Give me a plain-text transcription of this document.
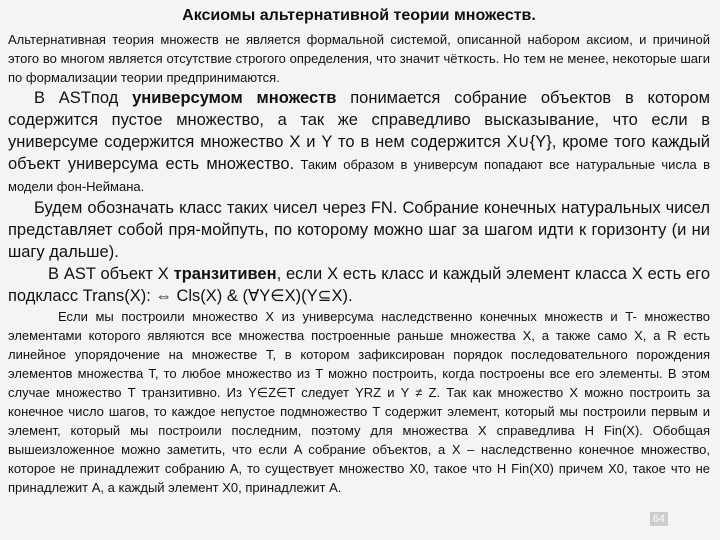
Аксиомы альтернативной теории множеств.

Альтернативная теория множеств не является формальной системой, описанной набором аксиом, и причиной этого во многом является отсутствие строгого определения, что значит чёткость. Но тем не менее, некоторые шаги по формализации теории предпринимаются.

В ASTпод универсумом множеств понимается собрание объектов в котором содержится пустое множество, а так же справедливо высказывание, что если в универсуме содержится множество X и Y то в нем содержится X∪{Y}, кроме того каждый объект универсума есть множество. Таким образом в универсум попадают все натуральные числа в модели фон-Неймана.

Будем обозначать класс таких чисел через FN. Собрание конечных натуральных чисел представляет собой пря-мойпуть, по которому можно шаг за шагом идти к горизонту (и ни шагу дальше).

В AST объект X транзитивен, если X есть класс и каждый элемент класса X есть его подкласс Trans(X): ⇔ Cls(X) & (∀Y∈X)(Y⊆X).

Если мы построили множество X из универсума наследственно конечных множеств и T- множество элементами которого являются все множества построенные раньше множества X, а также само X, а R есть линейное упорядочение на множестве T, в котором зафиксирован порядок последовательного порождения элементов множества T, то любое множество из T можно построить, когда построены все его элементы. В этом случае множество T транзитивно. Из Y∈Z∈T следует YRZ и Y ≠ Z. Так как множество X можно построить за конечное число шагов, то каждое непустое подмножество T содержит элемент, который мы построили первым и элемент, который мы построили последним, поэтому для множества X справедлива H Fin(X). Обобщая вышеизложенное можно заметить, что если A собрание объектов, а X – наследственно конечное множество, которое не принадлежит собранию A, то существует множество X0, такое что H Fin(X0) причем X0, такое что не принадлежит A, а каждый элемент X0, принадлежит A.

64
